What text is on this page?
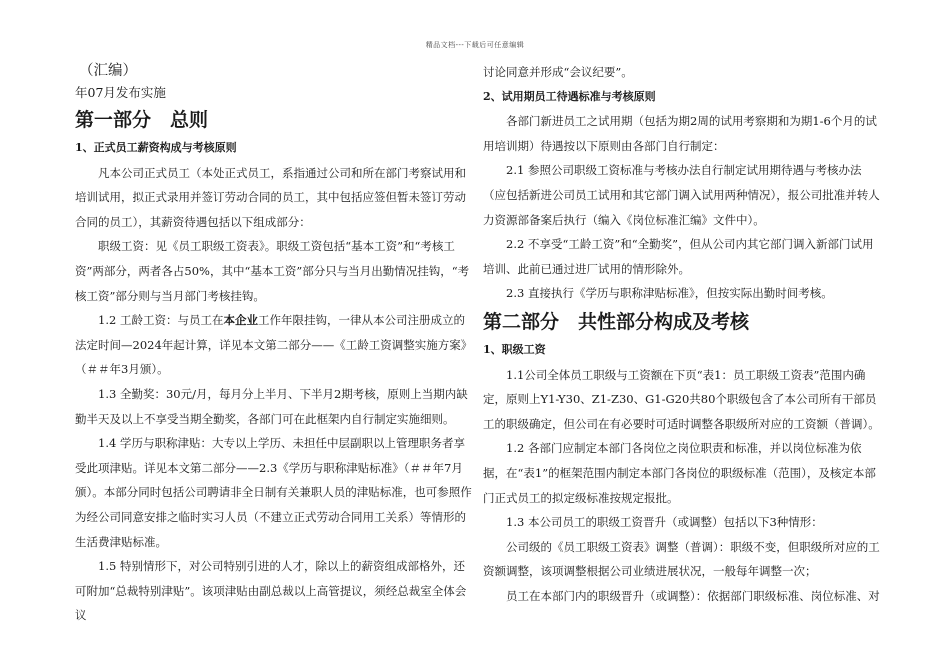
精品文档---下载后可任意编辑

（汇编）

年07月发布实施

第一部分　总则

1、正式员工薪资构成与考核原则

凡本公司正式员工（本处正式员工，系指通过公司和所在部门考察试用和培训试用，拟正式录用并签订劳动合同的员工，其中包括应签但暂未签订劳动合同的员工），其薪资待遇包括以下组成部分：

职级工资：见《员工职级工资表》。职级工资包括“基本工资”和“考核工资”两部分，两者各占50%，其中“基本工资”部分只与当月出勤情况挂钩，“考核工资”部分则与当月部门考核挂钩。

1.2 工龄工资：与员工在本企业工作年限挂钩，一律从本公司注册成立的法定时间—2024年起计算，详见本文第二部分——《工龄工资调整实施方案》（＃＃年3月颁）。

1.3 全勤奖：30元/月，每月分上半月、下半月2期考核，原则上当期内缺勤半天及以上不享受当期全勤奖，各部门可在此框架内自行制定实施细则。

1.4 学历与职称津贴：大专以上学历、未担任中层副职以上管理职务者享受此项津贴。详见本文第二部分——2.3《学历与职称津贴标准》（＃＃年7月颁）。本部分同时包括公司聘请非全日制有关兼职人员的津贴标准，也可参照作为经公司同意安排之临时实习人员（不建立正式劳动合同用工关系）等情形的生活费津贴标准。

1.5 特别情形下，对公司特别引进的人才，除以上的薪资组成部格外，还可附加“总裁特别津贴”。该项津贴由副总裁以上高管提议，须经总裁室全体会议

讨论同意并形成“会议纪要”。

2、试用期员工待遇标准与考核原则

各部门新进员工之试用期（包括为期2周的试用考察期和为期1-6个月的试用培训期）待遇按以下原则由各部门自行制定：

2.1 参照公司职级工资标准与考核办法自行制定试用期待遇与考核办法（应包括新进公司员工试用和其它部门调入试用两种情况），报公司批准并转人力资源部备案后执行（编入《岗位标准汇编》文件中）。

2.2 不享受“工龄工资”和“全勤奖”，但从公司内其它部门调入新部门试用培训、此前已通过进厂试用的情形除外。

2.3 直接执行《学历与职称津贴标准》，但按实际出勤时间考核。

第二部分　共性部分构成及考核

1、职级工资

1.1公司全体员工职级与工资额在下页“表1：员工职级工资表”范围内确定，原则上Y1-Y30、Z1-Z30、G1-G20共80个职级包含了本公司所有干部员工的职级确定，但公司在有必要时可适时调整各职级所对应的工资额（普调）。

1.2 各部门应制定本部门各岗位之岗位职责和标准，并以岗位标准为依据，在“表1”的框架范围内制定本部门各岗位的职级标准（范围），及核定本部门正式员工的拟定级标准按规定报批。

1.3 本公司员工的职级工资晋升（或调整）包括以下3种情形：

公司级的《员工职级工资表》调整（普调）：职级不变，但职级所对应的工资额调整，该项调整根据公司业绩进展状况，一般每年调整一次；

员工在本部门内的职级晋升（或调整）：依据部门职级标准、岗位标准、对
